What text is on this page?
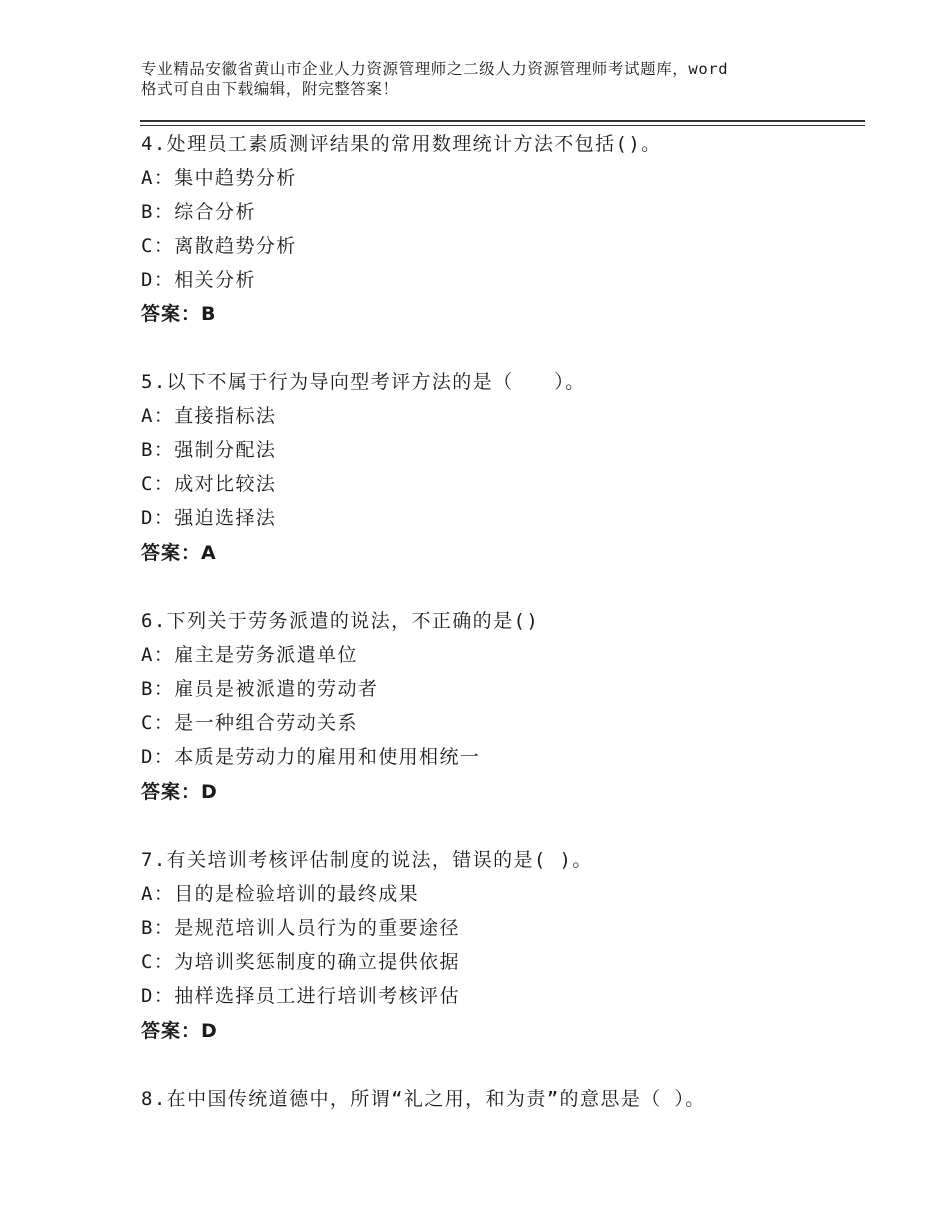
专业精品安徽省黄山市企业人力资源管理师之二级人力资源管理师考试题库，word
格式可自由下载编辑，附完整答案！
4.处理员工素质测评结果的常用数理统计方法不包括()。
A：集中趋势分析
B：综合分析
C：离散趋势分析
D：相关分析
答案：B
5.以下不属于行为导向型考评方法的是（　　）。
A：直接指标法
B：强制分配法
C：成对比较法
D：强迫选择法
答案：A
6.下列关于劳务派遣的说法，不正确的是()
A：雇主是劳务派遣单位
B：雇员是被派遣的劳动者
C：是一种组合劳动关系
D：本质是劳动力的雇用和使用相统一
答案：D
7.有关培训考核评估制度的说法，错误的是( )。
A：目的是检验培训的最终成果
B：是规范培训人员行为的重要途径
C：为培训奖惩制度的确立提供依据
D：抽样选择员工进行培训考核评估
答案：D
8.在中国传统道德中，所谓“礼之用，和为责”的意思是（ ）。
